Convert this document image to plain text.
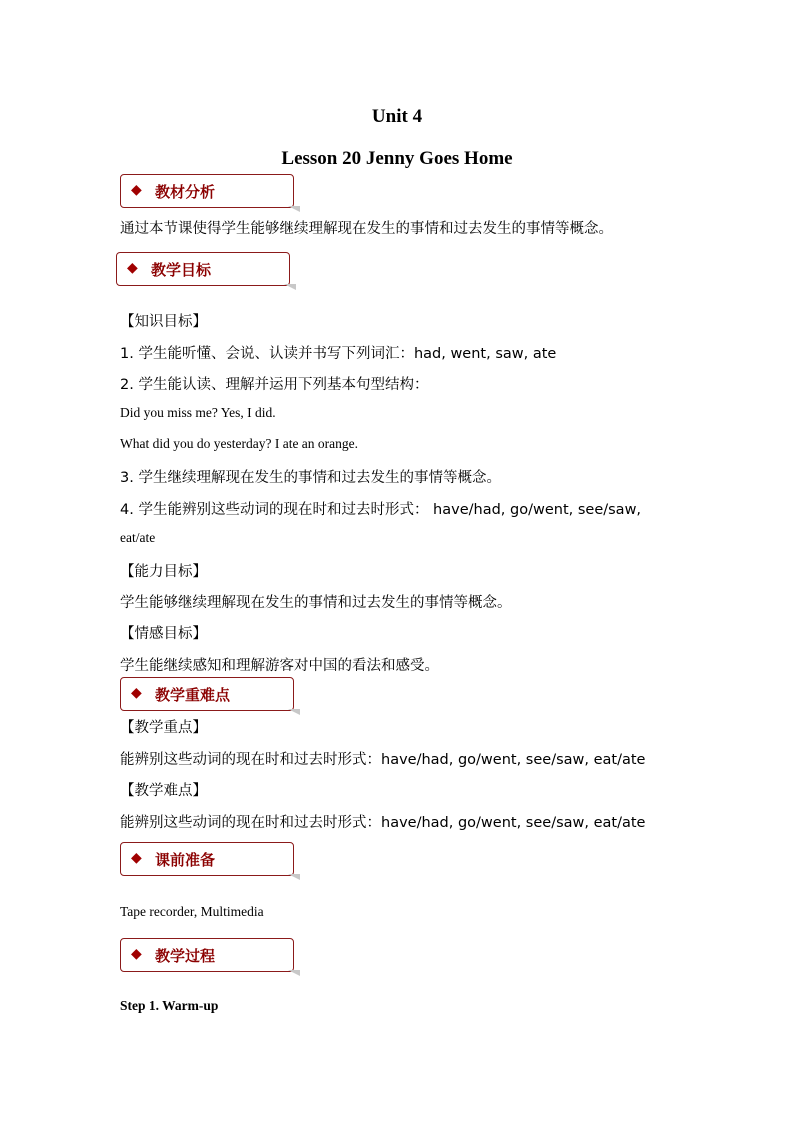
Unit 4
Lesson 20 Jenny Goes Home
◆ 教材分析
通过本节课使得学生能够继续理解现在发生的事情和过去发生的事情等概念。
◆ 教学目标
【知识目标】
1. 学生能听懂、会说、认读并书写下列词汇：had, went, saw, ate
2. 学生能认读、理解并运用下列基本句型结构：
Did you miss me? Yes, I did.
What did you do yesterday? I ate an orange.
3. 学生继续理解现在发生的事情和过去发生的事情等概念。
4. 学生能辨别这些动词的现在时和过去时形式： have/had, go/went, see/saw,
eat/ate
【能力目标】
学生能够继续理解现在发生的事情和过去发生的事情等概念。
【情感目标】
学生能继续感知和理解游客对中国的看法和感受。
◆ 教学重难点
【教学重点】
能辨别这些动词的现在时和过去时形式：have/had, go/went, see/saw, eat/ate
【教学难点】
能辨别这些动词的现在时和过去时形式：have/had, go/went, see/saw, eat/ate
◆ 课前准备
Tape recorder, Multimedia
◆ 教学过程
Step 1. Warm-up
